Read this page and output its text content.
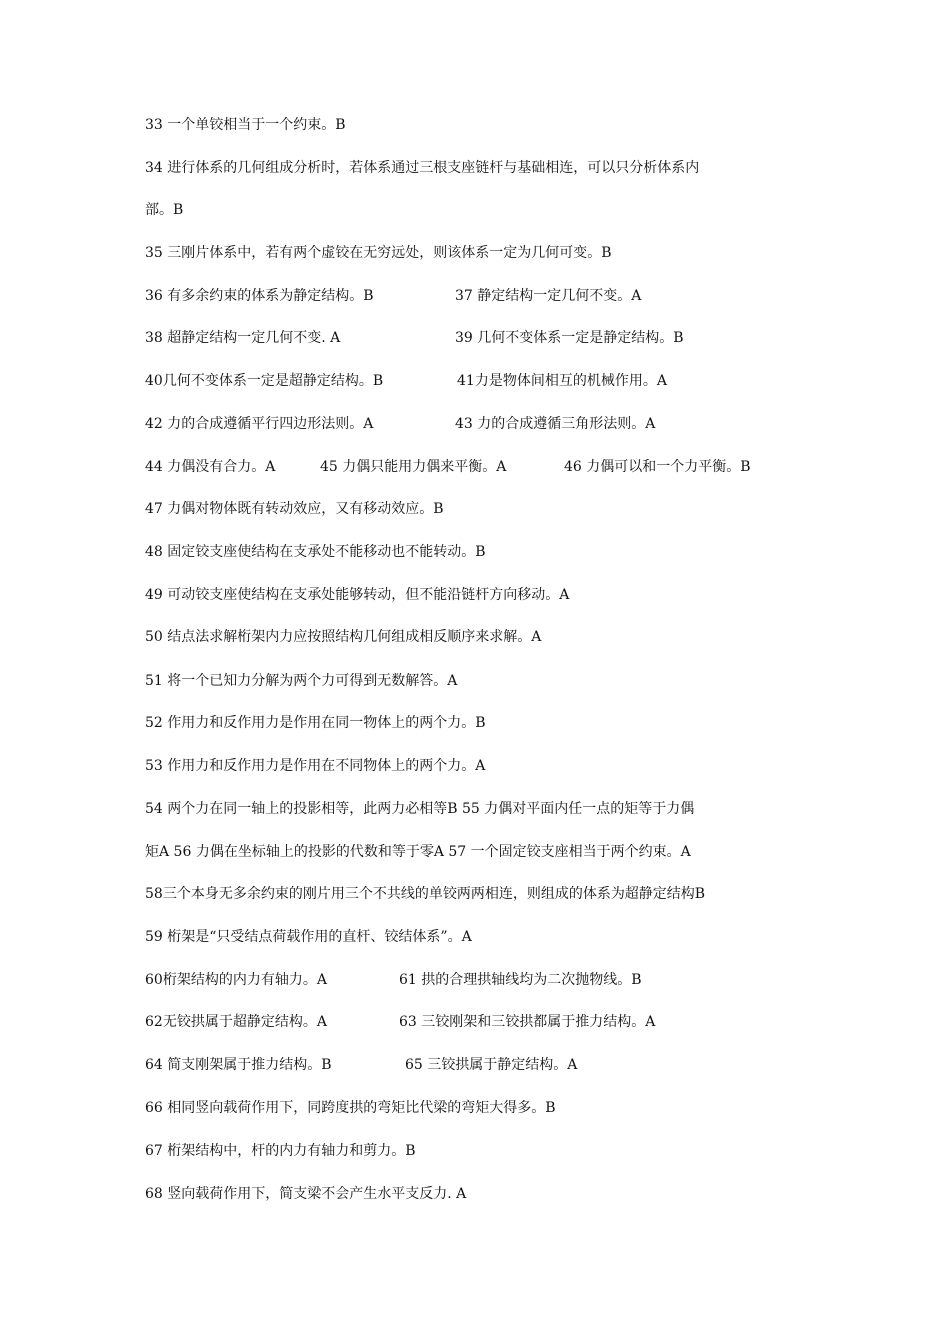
33 一个单铰相当于一个约束。B
34 进行体系的几何组成分析时，若体系通过三根支座链杆与基础相连，可以只分析体系内
部。B
35 三刚片体系中，若有两个虚铰在无穷远处，则该体系一定为几何可变。B
36 有多余约束的体系为静定结构。B	37 静定结构一定几何不变。A
38 超静定结构一定几何不变. A	39 几何不变体系一定是静定结构。B
40几何不变体系一定是超静定结构。B	41力是物体间相互的机械作用。A
42 力的合成遵循平行四边形法则。A	43 力的合成遵循三角形法则。A
44 力偶没有合力。A	45 力偶只能用力偶来平衡。A	46 力偶可以和一个力平衡。B
47 力偶对物体既有转动效应，又有移动效应。B
48 固定铰支座使结构在支承处不能移动也不能转动。B
49 可动铰支座使结构在支承处能够转动，但不能沿链杆方向移动。A
50 结点法求解桁架内力应按照结构几何组成相反顺序来求解。A
51 将一个已知力分解为两个力可得到无数解答。A
52 作用力和反作用力是作用在同一物体上的两个力。B
53 作用力和反作用力是作用在不同物体上的两个力。A
54 两个力在同一轴上的投影相等，此两力必相等B 55 力偶对平面内任一点的矩等于力偶
矩A 56 力偶在坐标轴上的投影的代数和等于零A 57 一个固定铰支座相当于两个约束。A
58三个本身无多余约束的刚片用三个不共线的单铰两两相连，则组成的体系为超静定结构B
59 桁架是“只受结点荷载作用的直杆、铰结体系”。A
60桁架结构的内力有轴力。A	61 拱的合理拱轴线均为二次抛物线。B
62无铰拱属于超静定结构。A	63 三铰刚架和三铰拱都属于推力结构。A
64 简支刚架属于推力结构。B	65 三铰拱属于静定结构。A
66 相同竖向载荷作用下，同跨度拱的弯矩比代梁的弯矩大得多。B
67 桁架结构中，杆的内力有轴力和剪力。B
68 竖向载荷作用下，简支梁不会产生水平支反力. A
